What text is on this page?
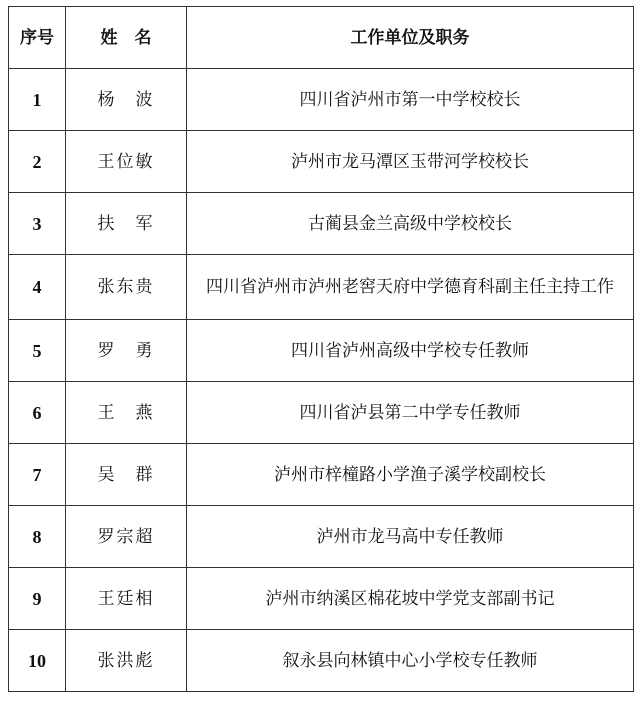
序号	姓　名	工作单位及职务
1	杨　波	四川省泸州市第一中学校校长
2	王位敏	泸州市龙马潭区玉带河学校校长
3	扶　军	古蔺县金兰高级中学校校长
4	张东贵	四川省泸州市泸州老窖天府中学德育科副主任主持工作
5	罗　勇	四川省泸州高级中学校专任教师
6	王　燕	四川省泸县第二中学专任教师
7	吴　群	泸州市梓橦路小学渔子溪学校副校长
8	罗宗超	泸州市龙马高中专任教师
9	王廷相	泸州市纳溪区棉花坡中学党支部副书记
10	张洪彪	叙永县向林镇中心小学校专任教师
